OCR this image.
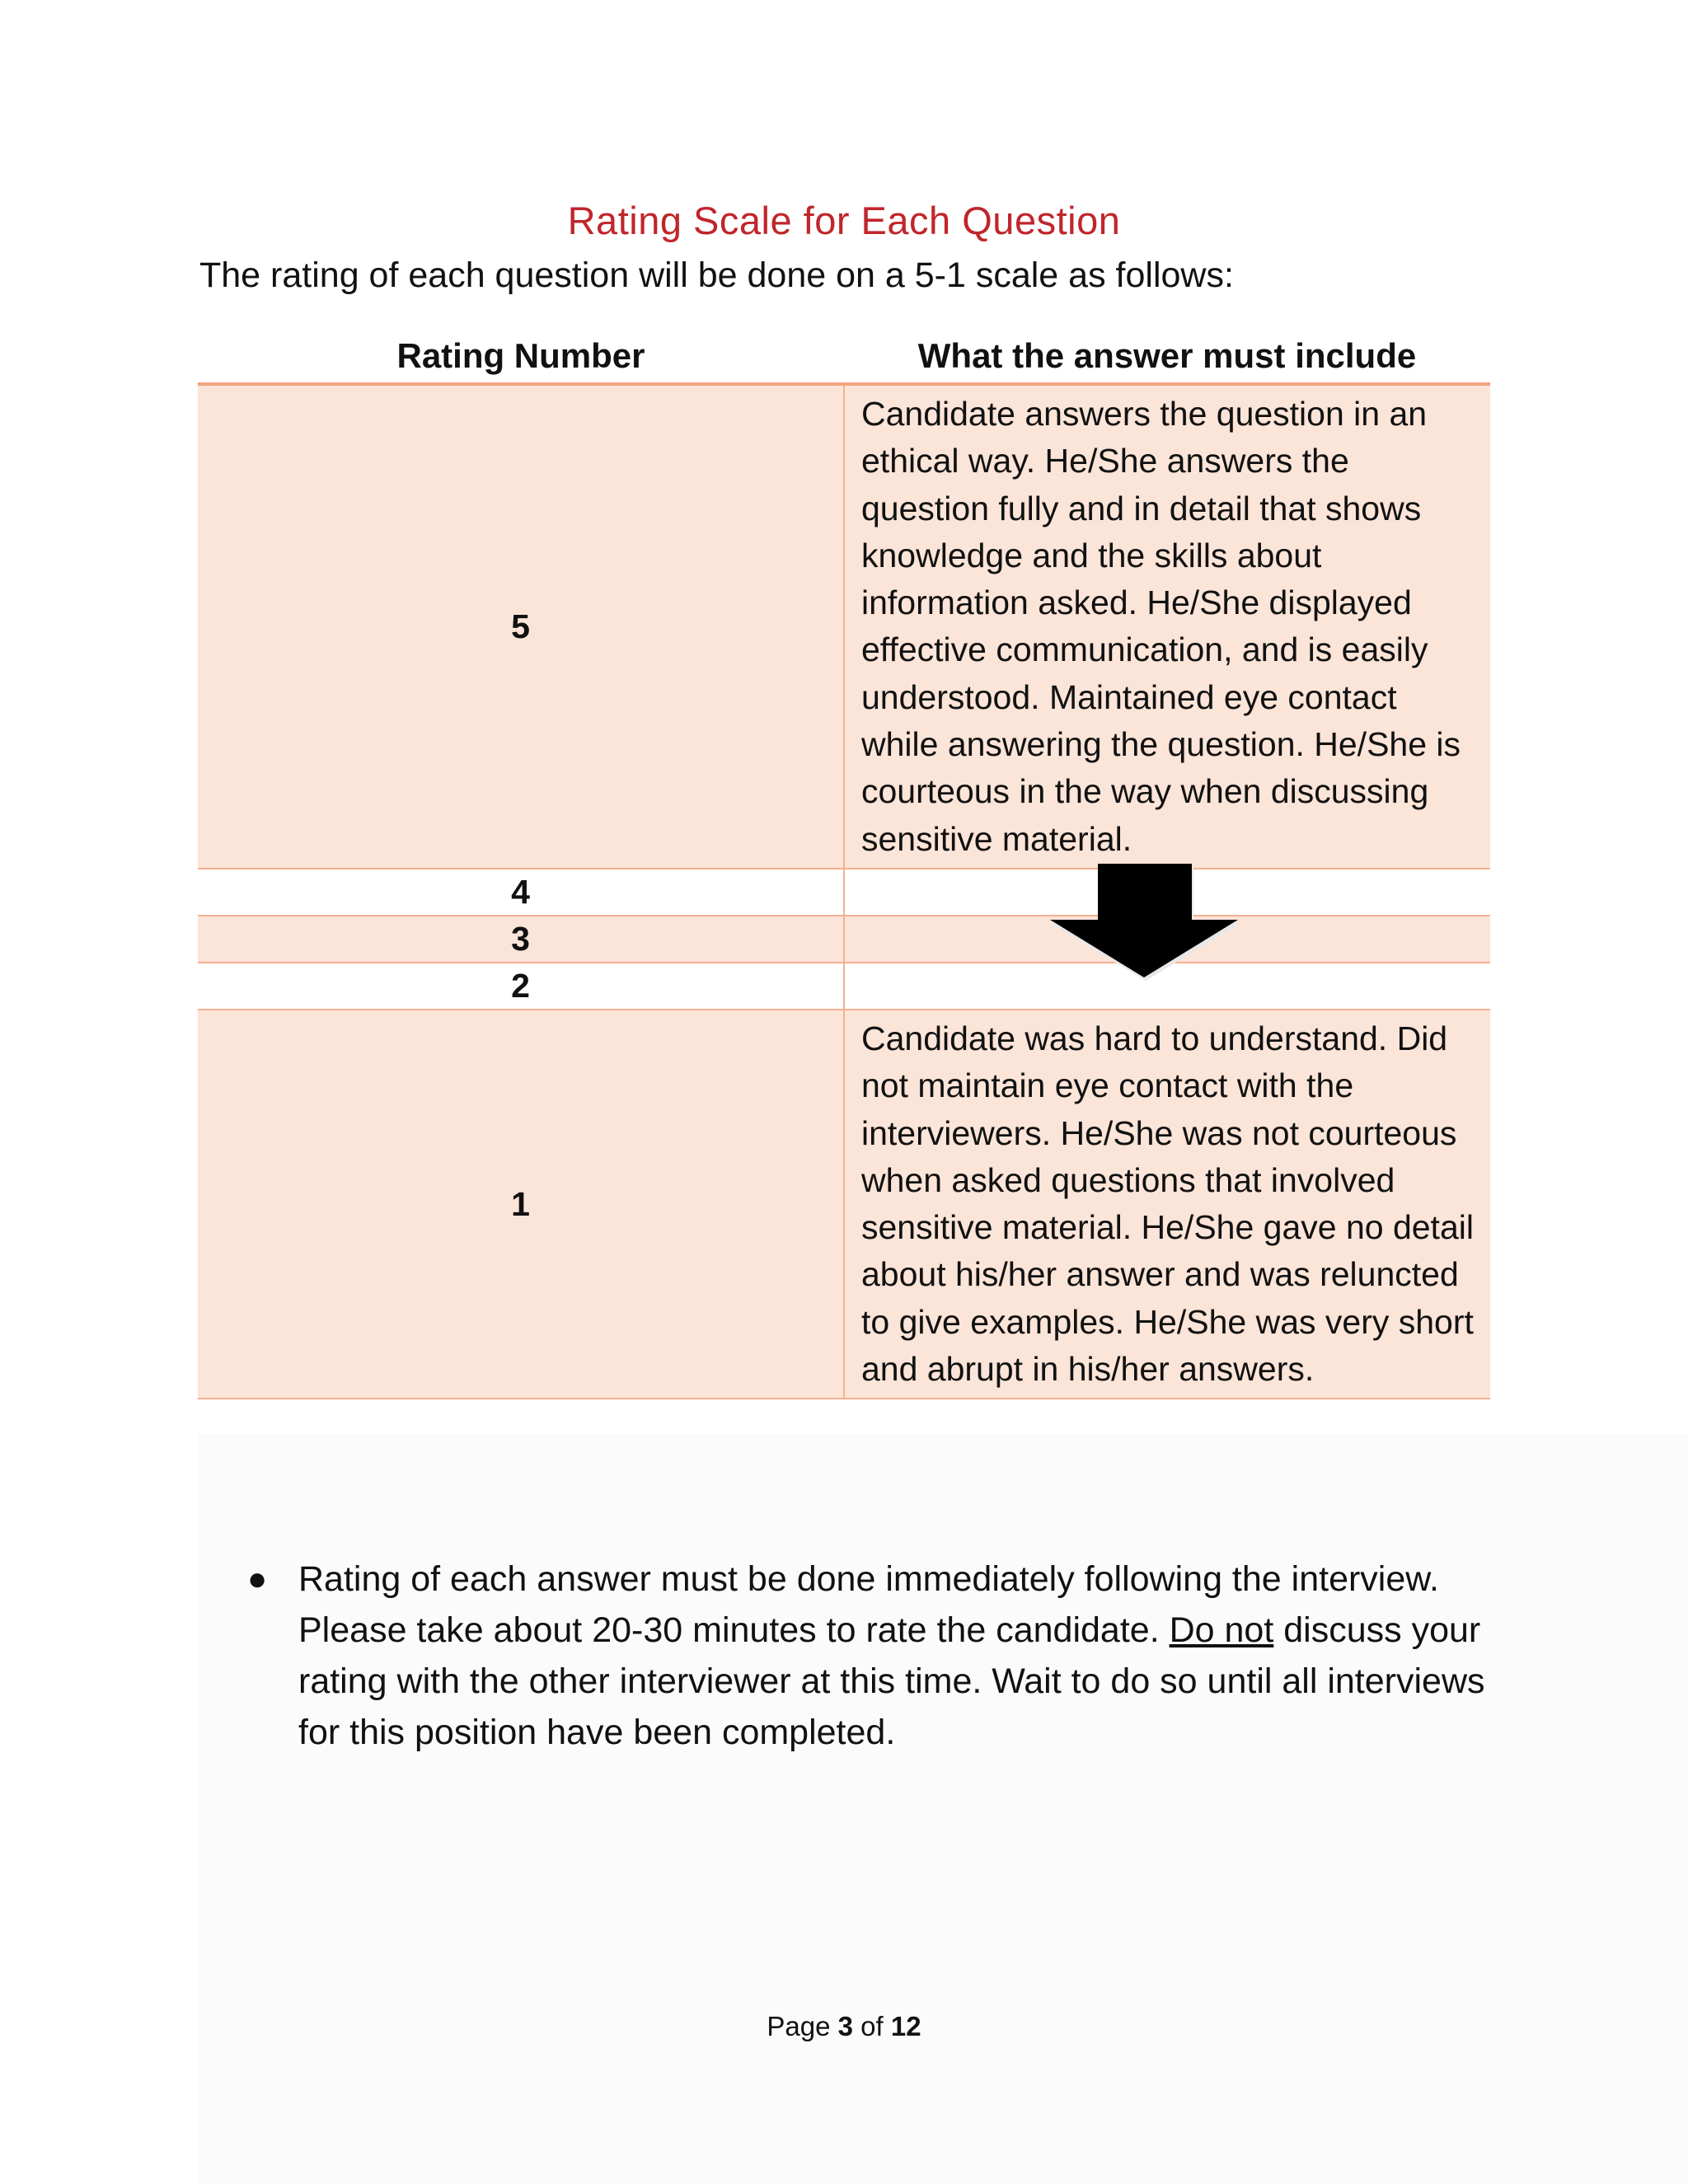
Rating Scale for Each Question
The rating of each question will be done on a 5-1 scale as follows:
Rating Number	What the answer must include
5	Candidate answers the question in an ethical way. He/She answers the question fully and in detail that shows knowledge and the skills about information asked. He/She displayed effective communication, and is easily understood. Maintained eye contact while answering the question. He/She is courteous in the way when discussing sensitive material.
4	
3	
2	
1	Candidate was hard to understand. Did not maintain eye contact with the interviewers. He/She was not courteous when asked questions that involved sensitive material. He/She gave no detail about his/her answer and was reluncted to give examples. He/She was very short and abrupt in his/her answers.
● Rating of each answer must be done immediately following the interview. Please take about 20-30 minutes to rate the candidate. Do not discuss your rating with the other interviewer at this time. Wait to do so until all interviews for this position have been completed.
Page 3 of 12
